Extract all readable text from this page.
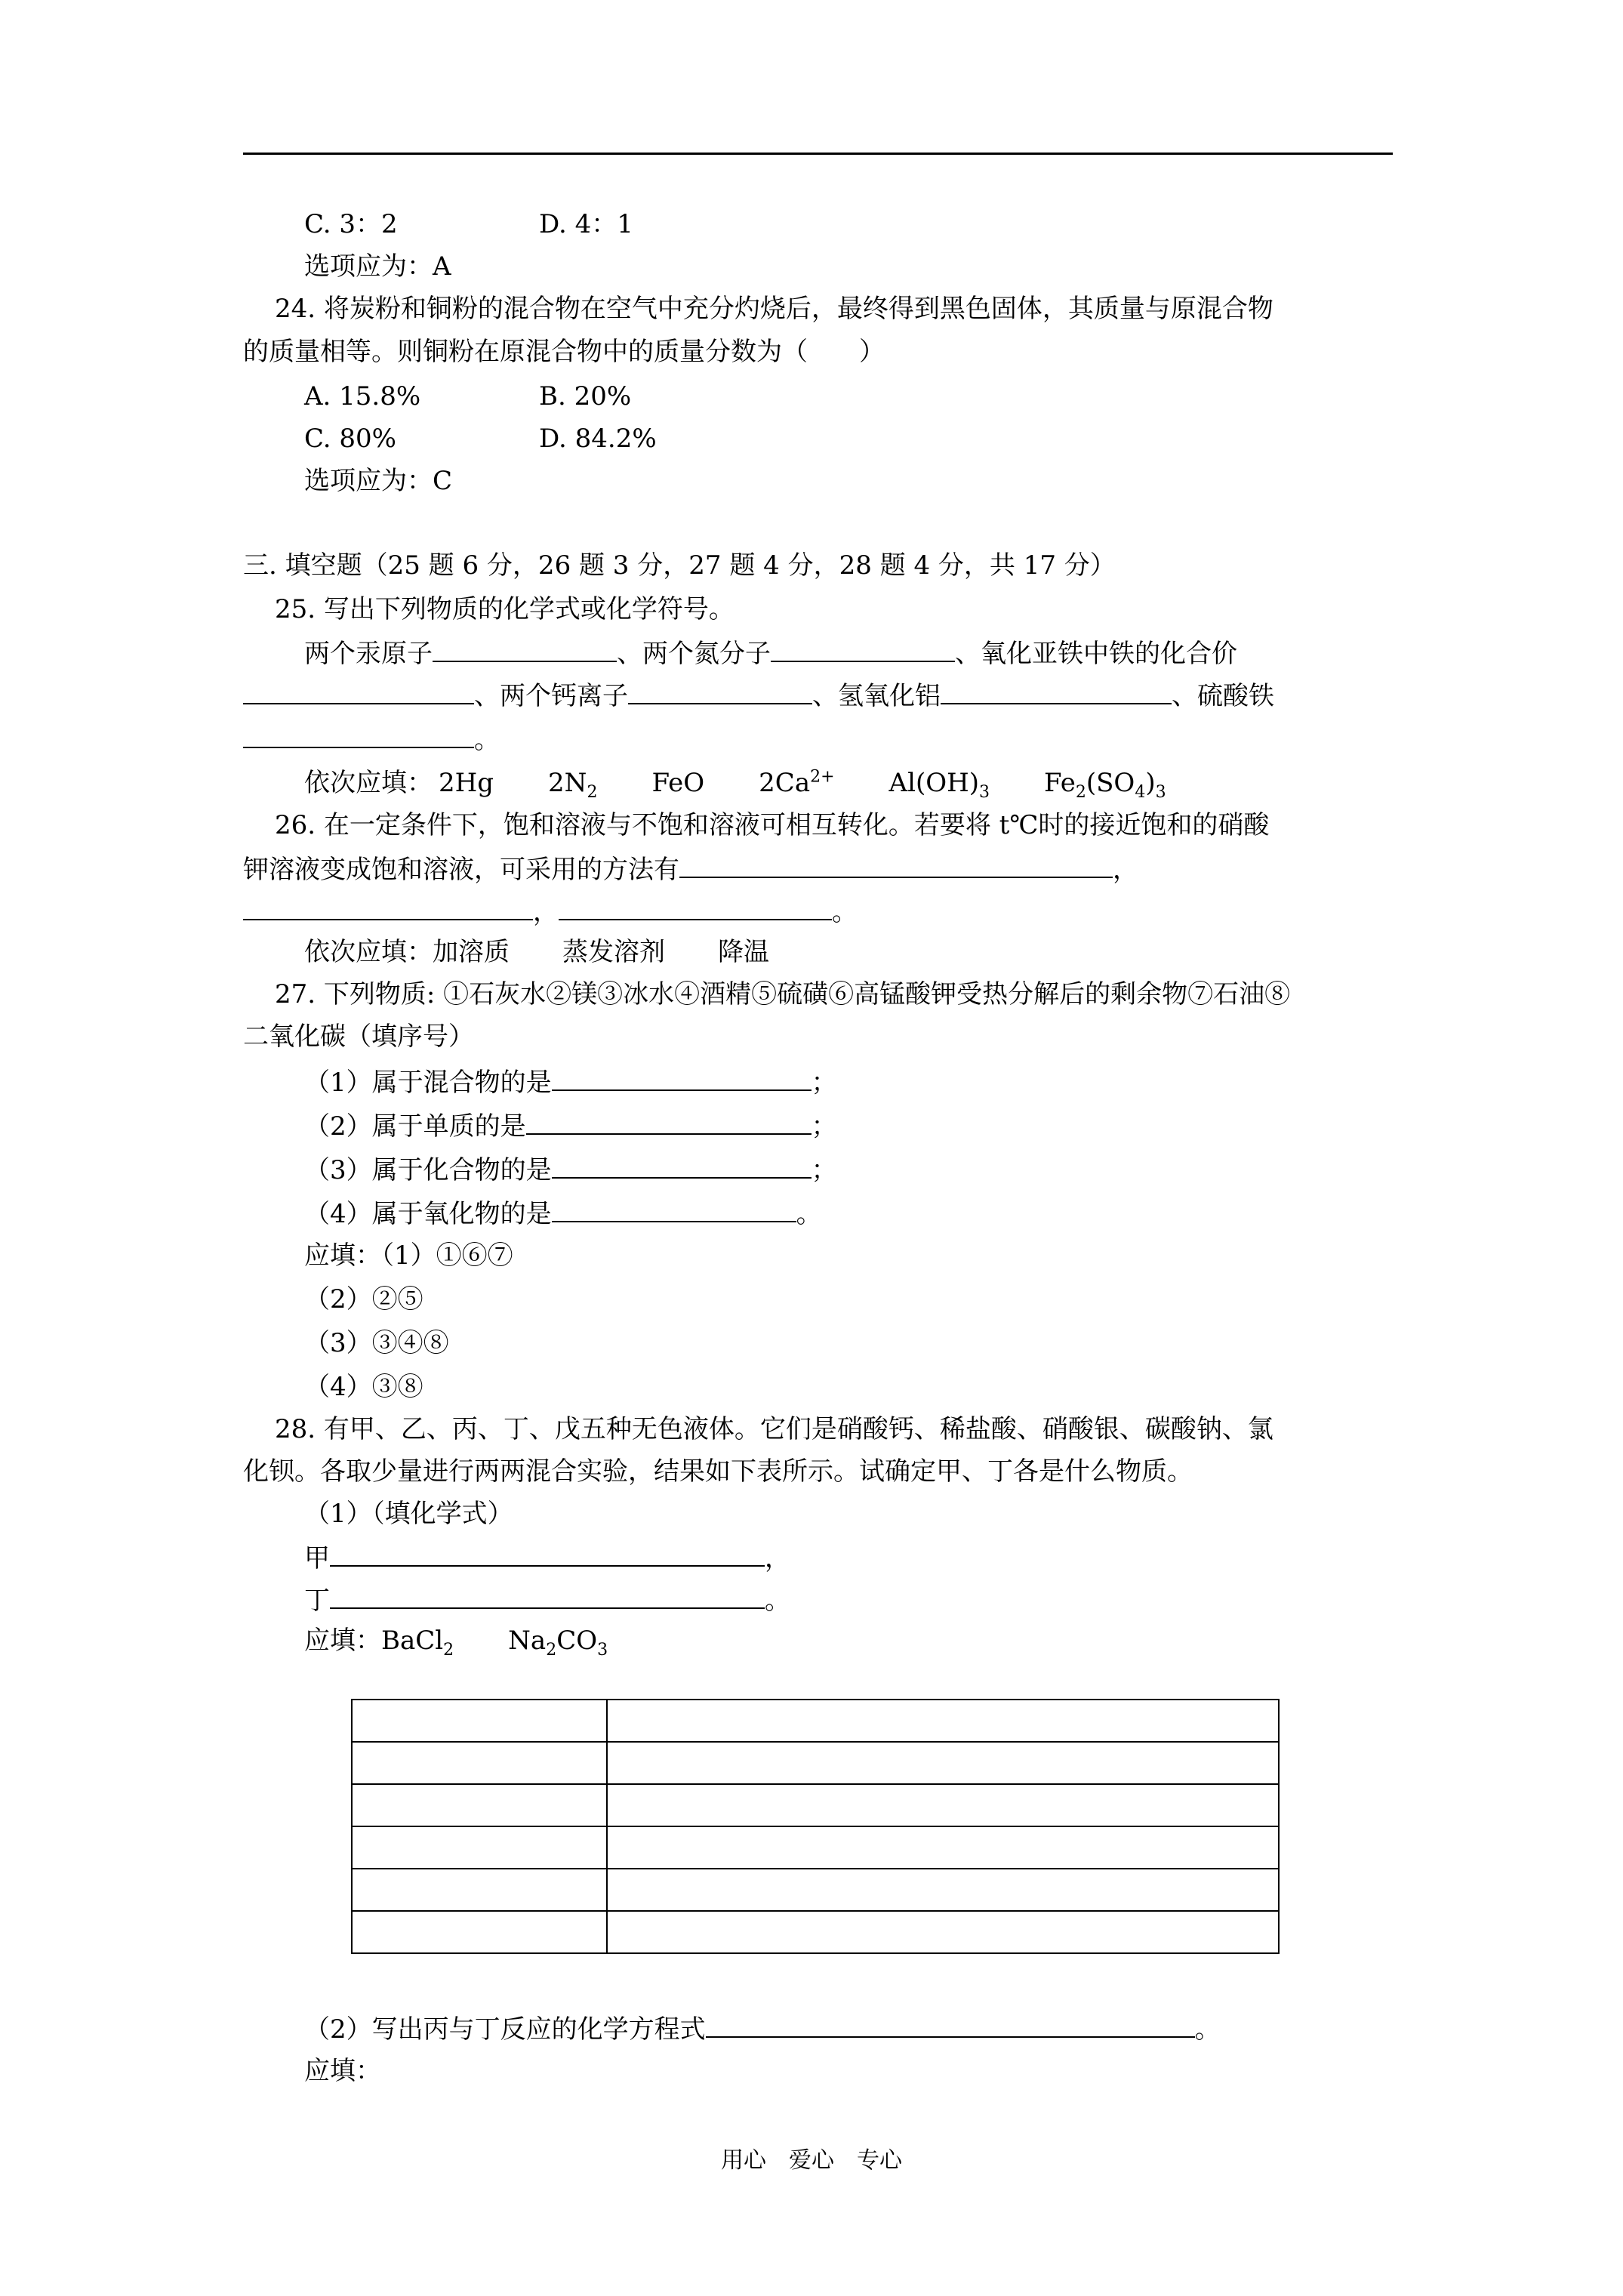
C. 3：2	D. 4：1
选项应为：A
24. 将炭粉和铜粉的混合物在空气中充分灼烧后，最终得到黑色固体，其质量与原混合物
的质量相等。则铜粉在原混合物中的质量分数为（　　）
A. 15.8%	B. 20%
C. 80%	D. 84.2%
选项应为：C
三. 填空题（25 题 6 分，26 题 3 分，27 题 4 分，28 题 4 分，共 17 分）
25. 写出下列物质的化学式或化学符号。
两个汞原子	、两个氮分子	、氧化亚铁中铁的化合价
、两个钙离子	、氢氧化铝	、硫酸铁
。
依次应填： 2Hg $2N_2$ FeO $2Ca^{2+}$ $Al(OH)_3$ $Fe_2(SO_4)_3$
26. 在一定条件下，饱和溶液与不饱和溶液可相互转化。若要将 t℃时的接近饱和的硝酸
钾溶液变成饱和溶液，可采用的方法有	，
，	。
依次应填：加溶质 蒸发溶剂 降温
27. 下列物质: ①石灰水②镁③冰水④酒精⑤硫磺⑥高锰酸钾受热分解后的剩余物⑦石油⑧
二氧化碳（填序号）
（1）属于混合物的是	；
（2）属于单质的是	；
（3）属于化合物的是	；
（4）属于氧化物的是	。
应填：（1）①⑥⑦
（2）②⑤
（3）③④⑧
（4）③⑧
28. 有甲、乙、丙、丁、戊五种无色液体。它们是硝酸钙、稀盐酸、硝酸银、碳酸钠、氯
化钡。各取少量进行两两混合实验，结果如下表所示。试确定甲、丁各是什么物质。
（1）（填化学式）
甲	，
丁	。
应填：BaCl$_2$ $Na_2CO_3$

（2）写出丙与丁反应的化学方程式	。
应填：
用心　爱心　专心
